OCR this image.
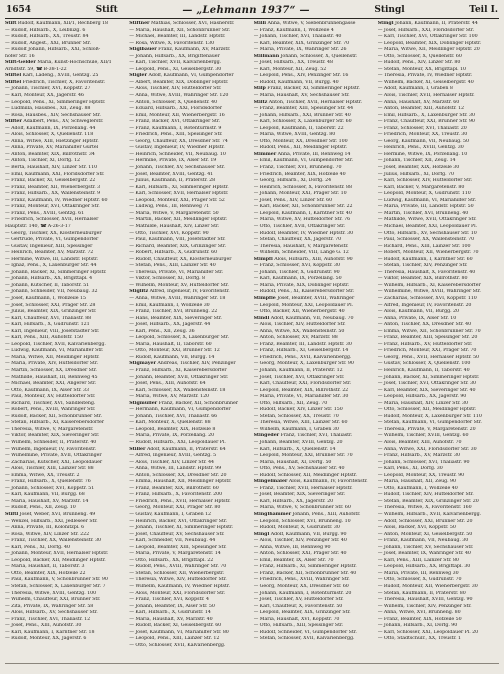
1654	Stift	— „Lehmann 1937“ —	Stingl	Teil I.
Stift Rudolf, Kaufmann, XII/1, Rechberg 18
— Rudolf, Hilfsarb., X, Leibnizg. 6
— Rudolf, Hilfsarb., XX, Treustr. 84
— Rudolf, Angest., XXI, Brünner Str.
— Rudolf Johann, Hilfsarb., XXI, Schloß-
hofer Str. 16
Stift-Gelder Maria, Kunst-Hochschule, XII/1
Arndtstr. 59, ☎ B-38-1-22
Stiftel Karl, Ladeng., XVIII, Gentzg. 25
Stiftel Friedrich, Tischler, X, Favoritenstr.
— Johann, Tischler, XVI, Koppstr. 27
— Karl, Monteur, XX, Jägerstr. 46
— Leopold, Pens., XI, Simmeringer Hptstr.
— Ludmilla, Hausbes., XII, Zeug. 88
— Rosa, Hausbes., XIV, Sechshauser Str.
Stifter Adalbert, Pens., XV, Schweglerstr.
— Adolf, Kaufmann, IX, Porzellang. 44
— Alois, Schlosser, X, Quellenstr. 118
— Anna, Witwe, XIII, Hietzinger Hptstr.
— Anna, Private, XV, Mariahilfer Gürtel
— Anton, Beamter, XIX, Billrothstr. 34
— Anton, Tischler, XI, Dorfg. 12
— Berta, Haushalt, XIV, Linzer Str. 110
— Emil, Kaufmann, XXI, Floridsdorfer Str.
— Franz, Bäcker, XI, Geiselbergstr. 22
— Franz, Beamter, XII, Wienerbergstr. 3
— Franz, Hilfsarb., XX, Wallensteinstr. 9
— Franz, Kaufmann, IV, Wiedner Hptstr. 60
— Franz, Monteur, XVI, Ottakringer Str.
— Franz, Pens., XVIII, Gentzg. 61
— Friedrich, Schlosser, XVII, Hernalser
Hauptstr. 140, ☎ A-26-3-17
— Georg, Tischler, XX, Klosterneuburger
— Gertrude, Private, VI, Gumpendorfer
— Gustav, Ingenieur, XIII, Speisinger
— Heinrich, Beamter, XV, Märzstr. 72
— Hermine, Witwe, III, Landstr. Hptstr.
— Ignaz, Pens., X, Laxenburger Str. 44
— Johann, Bäcker, XI, Simmeringer Hptstr.
— Johann, Hilfsarb., XX, Brigittapl. 4
— Johann, Kutscher, II, Taborstr. 51
— Johann, Schneider, VII, Neubaug. 32
— Josef, Kaufmann, I, Wollzeile 15
— Josef, Schlosser, XXI, Prager Str. 28
— Julius, Beamter, XIX, Grinzinger Str.
— Karl, Chauffeur, XVI, Thaliastr. 88
— Karl, Hilfsarb., X, Gudrunstr. 121
— Karl, Ingenieur, VIII, Josefstädter Str.
— Karl, Pens., XIII, Auhofstr. 150
— Leopold, Tischler, XVII, Kalvarienbergg.
— Ludwig, Kaufmann, VI, Mariahilfer Str.
— Maria, Witwe, XII, Meidlinger Hptstr.
— Maria, Private, XIV, Hütteldorfer Str.
— Martin, Schlosser, XX, Dresdner Str.
— Mathilde, Haushalt, III, Rennweg 45
— Michael, Beamter, XXI, Angerer Str.
— Otto, Kaufmann, IX, Alser Str. 33
— Paul, Monteur, XV, Hütteldorfer Str.
— Richard, Tischler, XVI, Sandleiteng.
— Robert, Pens., XVIII, Währinger Str.
— Rudolf, Bäcker, XII, Schönbrunner Str.
— Stefan, Hilfsarb., XI, Kaiserebersdorfer
— Theresia, Witwe, V, Margaretenstr.
— Viktor, Beamter, XIX, Sieveringer Str.
— Wilhelm, Schneider, II, Praterstr. 40
— Wilhelm, Ingenieur, IV, Favoritenstr.
— Wilhelmine, Private, XVII, Ottakringer
— Zacharias, Kutscher, XXI, Leopoldauer
— Alois, Tischler, XIII, Lainzer Str. 88
— Emma, Witwe, XX, Treustr. 2
— Franz, Hilfsarb., X, Quellenstr. 76
— Johann, Schlosser, XVI, Koppstr. 51
— Karl, Kaufmann, VII, Burgg. 68
— Maria, Haushalt, XV, Märzstr. 14
— Rudolf, Pens., XII, Zeug. 10
Stiftl Josef, Weber, XVI, Brunneng. 49
— Wenzel, Hilfsarb., XXI, Jedleseer Str.
— Anna, Private, III, Kolonitzpl. 6
— Rosa, Witwe, XIV, Linzer Str. 222
— Franz, Tischler, XX, Wallensteinstr. 30
— Karl, Pens., XI, Dorfg. 40
— Johann, Monteur, XVII, Hernalser Hptstr.
— Leopold, Bäcker, XII, Meidlinger Hptstr.
— Maria, Haushalt, II, Taborstr. 3
— Otto, Beamter, XIX, Hofzeile 22
— Paul, Kaufmann, V, Schönbrunner Str. 90
— Stefan, Schlosser, X, Laxenburger Str. 7
— Theresia, Witwe, XVIII, Gentzg. 100
— Wilhelm, Chauffeur, XXI, Brünner Str.
— Zita, Private, IX, Währinger Str. 58
— Alois, Hilfsarb., XV, Sechshauser Str.
— Franz, Tischler, XVI, Thaliastr. 12
— Josef, Pens., XIII, Auhofstr. 30
— Karl, Kaufmann, I, Kärntner Str. 18
— Rudolf, Monteur, XX, Jägerstr. 6
Stiftner Mathias, Schlosser, XVI, Hasnerstr.
— Maria, Haushalt, XII, Schönbrunner Str.
— Michael, Beamter, III, Landstr. Hptstr.
— Rosa, Witwe, X, Favoritenstr. 130
Stiglbauer Franz, Kaufmann, XV, Märzstr.
— Johann, Hilfsarb., XX, Brigittenauer
— Karl, Tischler, XVII, Kalvarienbergg.
— Leopold, Pens., XI, Geiselbergstr. 30
Stigler Adolf, Kaufmann, VI, Gumpendorfer
— Albert, Beamter, XIX, Döblinger Hptstr.
— Alois, Tischler, XIV, Hütteldorfer Str.
— Anna, Witwe, XVIII, Währinger Str. 120
— Anton, Schlosser, X, Quellenstr. 40
— Eduard, Hilfsarb., XXI, Floridsdorfer
— Emil, Monteur, XII, Wienerbergstr. 16
— Franz, Bäcker, XVI, Ottakringer Str.
— Franz, Kaufmann, I, Rotenturmstr. 9
— Friedrich, Pens., XIII, Speisinger Str.
— Georg, Chauffeur, XX, Dresdner Str. 74
— Gustav, Ingenieur, IV, Wiedner Hptstr.
— Heinrich, Schneider, VII, Neubaug. 10
— Hermine, Private, IX, Alser Str. 19
— Johann, Tischler, XV, Sechshauser Str.
— Josef, Beamter, XVIII, Gentzg. 41
— Julius, Kaufmann, II, Praterstr. 28
— Karl, Hilfsarb., XI, Simmeringer Hptstr.
— Karl, Schlosser, XVII, Hernalser Hptstr.
— Leopold, Monteur, XXI, Prager Str. 52
— Ludwig, Pens., III, Rennweg 71
— Maria, Witwe, V, Margaretenstr. 50
— Martin, Bäcker, XII, Meidlinger Hptstr.
— Mathilde, Haushalt, XIV, Linzer Str.
— Otto, Tischler, XVI, Koppstr. 90
— Paul, Kaufmann, VIII, Josefstädter Str.
— Richard, Beamter, XIX, Grinzinger Str.
— Robert, Hilfsarb., X, Gudrunstr. 60
— Rudolf, Chauffeur, XX, Klosterneuburger
— Stefan, Pens., XIII, Lainzer Str. 40
— Theresia, Private, VI, Mariahilfer Str.
— Viktor, Schlosser, XI, Dorfg. 8
— Wilhelm, Monteur, XV, Hütteldorfer Str.
Stiglitz Alfred, Ingenieur, IV, Favoritenstr.
— Anna, Witwe, XVIII, Währinger Str. 18
— Emil, Kaufmann, I, Wollzeile 30
— Franz, Tischler, XVI, Brunneng. 22
— Hans, Beamter, XIX, Sieveringer Str.
— Josef, Hilfsarb., XX, Jägerstr. 44
— Karl, Pens., XII, Zeug. 36
— Leopold, Schlosser, X, Laxenburger Str.
— Maria, Haushalt, II, Taborstr. 60
— Otto, Monteur, XXI, Brünner Str. 12
— Rudolf, Kaufmann, VII, Burgg. 14
Stigmayer Andreas, Tischler, XIV, Penzinger
— Franz, Hilfsarb., XI, Kaiserebersdorfer
— Johann, Beamter, XVII, Ottakringer Str.
— Josef, Pens., XIII, Auhofstr. 64
— Karl, Schlosser, XX, Wallensteinstr. 18
— Maria, Witwe, XV, Märzstr. 120
Stigmüller Franz, Bäcker, XII, Schönbrunner
— Hermann, Kaufmann, VI, Gumpendorfer
— Johann, Tischler, XVI, Thaliastr. 66
— Karl, Monteur, X, Quellenstr. 88
— Leopold, Beamter, XIX, Hofzeile 8
— Maria, Private, IX, Porzellang. 20
— Rudolf, Hilfsarb., XXI, Leopoldauer Pl.
Stiller Adolf, Kaufmann, II, Praterstr. 64
— Alfred, Ingenieur, XVIII, Gentzg. 5
— Alois, Tischler, XIV, Linzer Str. 44
— Anna, Witwe, III, Landstr. Hptstr. 99
— Anton, Schlosser, XX, Dresdner Str. 20
— Emma, Haushalt, XII, Meidlinger Hptstr.
— Franz, Beamter, XIX, Billrothstr. 60
— Franz, Hilfsarb., X, Favoritenstr. 200
— Friedrich, Pens., XVII, Hernalser Hptstr.
— Georg, Monteur, XXI, Prager Str. 80
— Gustav, Kaufmann, I, Graben 12
— Heinrich, Bäcker, XVI, Ottakringer Str.
— Johann, Tischler, XI, Simmeringer Hptstr.
— Josef, Chauffeur, XV, Sechshauser Str.
— Karl, Schneider, VII, Neubaug. 44
— Leopold, Beamter, XIII, Speisinger Str.
— Maria, Private, V, Margaretenstr. 14
— Otto, Hilfsarb., XX, Brigittapl. 22
— Rudolf, Pens., XVIII, Währinger Str. 70
— Stefan, Schlosser, XII, Wienerbergstr.
— Theresia, Witwe, XIV, Hütteldorfer Str.
— Wilhelm, Kaufmann, IV, Wiedner Hptstr.
— Alois, Monteur, XXI, Floridsdorfer Str.
— Franz, Tischler, XVI, Koppstr. 4
— Johann, Beamter, IX, Alser Str. 50
— Karl, Hilfsarb., X, Gudrunstr. 14
— Maria, Haushalt, XV, Märzstr. 40
— Rudolf, Bäcker, XI, Geiselbergstr. 60
— Josef, Kaufmann, VI, Mariahilfer Str. 80
— Leopold, Pens., XIII, Lainzer Str. 12
— Otto, Schlosser, XVII, Kalvarienbergg.
Stilli Anna, Witwe, V, Siebenbrunnengasse
— Franz, Kaufmann, I, Wollzeile 4
— Johann, Tischler, XVI, Thaliastr. 40
— Karl, Beamter, XIX, Grinzinger Str. 70
— Maria, Private, IX, Währinger Str. 26
Stillmann Johann, Schlosser, X, Quellenstr.
— Josef, Hilfsarb., XX, Treustr. 48
— Karl, Monteur, XII, Zeug. 52
— Leopold, Pens., XIV, Penzinger Str. 16
— Rudolf, Kaufmann, VII, Burgg. 40
Stilp Franz, Bäcker, XI, Simmeringer Hptstr.
— Maria, Haushalt, XV, Sechshauser Str.
Stiltz Anton, Tischler, XVII, Hernalser Hptstr.
— Franz, Beamter, XIII, Speisinger Str. 44
— Johann, Hilfsarb., XXI, Brünner Str. 40
— Karl, Schlosser, X, Laxenburger Str. 60
— Leopold, Kaufmann, II, Taborstr. 22
— Maria, Witwe, XVIII, Gentzg. 80
— Otto, Monteur, XX, Dresdner Str. 100
— Rudolf, Pens., XII, Meidlinger Hptstr.
Stimmer Anna, Private, III, Rennweg 14
— Emil, Kaufmann, VI, Gumpendorfer Str.
— Franz, Tischler, XVI, Brunneng. 70
— Friedrich, Beamter, XIX, Hofzeile 40
— Georg, Hilfsarb., XI, Dorfg. 24
— Heinrich, Schlosser, X, Favoritenstr. 88
— Johann, Monteur, XXI, Prager Str. 10
— Josef, Pens., XIV, Linzer Str. 60
— Karl, Bäcker, XII, Schönbrunner Str. 22
— Leopold, Kaufmann, I, Kärntner Str. 40
— Maria, Witwe, XV, Hütteldorfer Str. 76
— Otto, Tischler, XVII, Ottakringer Str.
— Rudolf, Beamter, IV, Wiedner Hptstr. 30
— Stefan, Chauffeur, XX, Jägerstr. 70
— Theresia, Haushalt, V, Margaretenstr.
— Wilhelm, Schneider, VIII, Lange G. 12
Stimpfl Alois, Hilfsarb., XIII, Auhofstr. 90
— Franz, Schlosser, XVI, Koppstr. 30
— Johann, Tischler, X, Gudrunstr. 90
— Karl, Kaufmann, IX, Porzellang. 50
— Maria, Private, XIX, Döblinger Hptstr.
— Rudolf, Pens., XI, Kaiserebersdorfer Str.
Stimpfle Josef, Beamter, XVIII, Währinger
— Leopold, Monteur, XXI, Leopoldauer Pl.
— Otto, Bäcker, XII, Wienerbergstr. 40
Stindl Adolf, Kaufmann, VII, Neubaug. 70
— Alois, Tischler, XIV, Hütteldorfer Str.
— Anna, Witwe, XX, Wallensteinstr. 50
— Anton, Schlosser, XV, Märzstr. 88
— Franz, Beamter, III, Landstr. Hptstr. 30
— Franz, Hilfsarb., XI, Geiselbergstr. 14
— Friedrich, Pens., XVII, Kalvarienbergg.
— Georg, Monteur, X, Laxenburger Str. 90
— Johann, Kaufmann, II, Praterstr. 12
— Josef, Tischler, XVI, Ottakringer Str.
— Karl, Chauffeur, XXI, Floridsdorfer Str.
— Leopold, Beamter, XIX, Billrothstr. 22
— Maria, Private, VI, Mariahilfer Str. 30
— Otto, Hilfsarb., XII, Zeug. 70
— Rudolf, Bäcker, XIV, Linzer Str. 150
— Stefan, Schlosser, XX, Treustr. 70
— Theresia, Witwe, XIII, Lainzer Str. 60
— Wilhelm, Kaufmann, I, Graben 30
Stingeder Franz, Tischler, XVI, Thaliastr.
— Johann, Beamter, XVIII, Gentzg. 20
— Karl, Hilfsarb., X, Quellenstr. 14
— Leopold, Monteur, XXI, Brünner Str. 70
— Maria, Haushalt, XI, Dorfg. 50
— Otto, Pens., XV, Sechshauser Str. 40
— Rudolf, Schlosser, XII, Meidlinger Hptstr.
Stingelmaier Alois, Kaufmann, IV, Favoritenstr.
— Franz, Tischler, XVII, Hernalser Hptstr.
— Josef, Beamter, XIX, Sieveringer Str.
— Karl, Hilfsarb., XX, Jägerstr. 20
— Maria, Witwe, V, Schönbrunner Str. 60
Stinglhammer Johann, Pens., XIII, Auhofstr.
— Leopold, Schlosser, XVI, Brunneng. 10
— Rudolf, Monteur, X, Gudrunstr. 30
Stingl Adolf, Kaufmann, VII, Burgg. 90
— Alois, Tischler, XIV, Penzinger Str. 40
— Anna, Witwe, III, Rennweg 90
— Anton, Schlosser, XXI, Prager Str. 40
— Emil, Beamter, IX, Alser Str. 70
— Franz, Hilfsarb., XI, Simmeringer Hptstr.
— Franz, Bäcker, XII, Schönbrunner Str. 40
— Friedrich, Pens., XVIII, Währinger Str.
— Georg, Monteur, XX, Dresdner Str. 60
— Johann, Kaufmann, I, Rotenturmstr. 20
— Josef, Tischler, XV, Hütteldorfer Str.
— Karl, Chauffeur, X, Favoritenstr. 50
— Leopold, Beamter, XIX, Grinzinger Str.
— Maria, Haushalt, XVI, Koppstr. 70
— Otto, Hilfsarb., XIII, Speisinger Str.
— Rudolf, Schneider, VI, Gumpendorfer Str.
— Stefan, Schlosser, XVII, Kalvarienbergg.
Stingl Johann, Kaufmann, II, Praterstr. 44
— Josef, Hilfsarb., XXI, Floridsdorfer Str.
— Karl, Tischler, XVI, Ottakringer Str. 100
— Leopold, Beamter, XIX, Döblinger Hptstr.
— Maria, Witwe, XII, Meidlinger Hptstr. 20
— Otto, Schlosser, X, Quellenstr. 60
— Rudolf, Pens., XIV, Linzer Str. 80
— Stefan, Monteur, XX, Brigittapl. 10
— Theresia, Private, IV, Wiedner Hptstr.
— Wilhelm, Bäcker, XI, Geiselbergstr. 40
— Adolf, Kaufmann, I, Graben 8
— Alois, Tischler, XVII, Hernalser Hptstr.
— Anna, Haushalt, XV, Märzstr. 60
— Anton, Beamter, XIII, Auhofstr. 12
— Emil, Hilfsarb., X, Laxenburger Str. 30
— Franz, Chauffeur, XXI, Brünner Str. 90
— Franz, Schlosser, XVI, Thaliastr. 20
— Friedrich, Monteur, XX, Treustr. 30
— Georg, Kaufmann, VII, Neubaug. 50
— Heinrich, Pens., XVIII, Gentzg. 30
— Hermine, Witwe, IX, Porzellang. 10
— Johann, Tischler, XII, Zeug. 14
— Josef, Beamter, XIX, Hofzeile 30
— Julius, Hilfsarb., XI, Dorfg. 70
— Karl, Schlosser, XIV, Hütteldorfer Str.
— Karl, Bäcker, V, Margaretenstr. 80
— Leopold, Monteur, X, Gudrunstr. 110
— Ludwig, Kaufmann, VI, Mariahilfer Str.
— Maria, Private, III, Landstr. Hptstr. 50
— Martin, Tischler, XVI, Brunneng. 40
— Mathilde, Witwe, XVII, Ottakringer Str.
— Michael, Beamter, XXI, Leopoldauer Pl.
— Otto, Hilfsarb., XV, Sechshauser Str. 10
— Paul, Schlosser, XX, Wallensteinstr. 70
— Richard, Pens., XIII, Lainzer Str. 100
— Robert, Monteur, XII, Wienerbergstr. 70
— Rudolf, Kaufmann, I, Kärntner Str. 60
— Stefan, Tischler, XIV, Penzinger Str.
— Theresia, Haushalt, X, Favoritenstr. 40
— Viktor, Beamter, XIX, Billrothstr. 80
— Wilhelm, Hilfsarb., XI, Kaiserebersdorfer
— Wilhelmine, Witwe, XVIII, Währinger Str.
— Zacharias, Schlosser, XVI, Koppstr. 110
— Alfred, Ingenieur, IV, Favoritenstr. 20
— Alois, Kaufmann, VII, Burgg. 20
— Anna, Private, IX, Alser Str. 10
— Anton, Tischler, XX, Dresdner Str. 40
— Emma, Witwe, XII, Schönbrunner Str. 70
— Franz, Beamter, XIII, Speisinger Str. 20
— Franz, Hilfsarb., XV, Hütteldorfer Str.
— Friedrich, Monteur, XXI, Prager Str. 70
— Georg, Pens., XVII, Hernalser Hptstr. 50
— Gustav, Schlosser, X, Quellenstr. 100
— Heinrich, Kaufmann, II, Taborstr. 40
— Johann, Bäcker, XI, Simmeringer Hptstr.
— Josef, Tischler, XVI, Ottakringer Str. 30
— Karl, Beamter, XIX, Sieveringer Str. 40
— Leopold, Hilfsarb., XX, Jägerstr. 90
— Maria, Haushalt, XIV, Linzer Str. 30
— Otto, Schlosser, XII, Meidlinger Hptstr.
— Rudolf, Monteur, X, Laxenburger Str. 110
— Stefan, Kaufmann, VI, Gumpendorfer Str.
— Theresia, Private, V, Margaretenstr. 20
— Wilhelm, Tischler, XVIII, Gentzg. 60
— Alois, Beamter, XIII, Auhofstr. 70
— Anna, Witwe, XXI, Floridsdorfer Str. 30
— Franz, Hilfsarb., XV, Märzstr. 30
— Johann, Schlosser, XVI, Thaliastr. 90
— Karl, Pens., XI, Dorfg. 30
— Leopold, Monteur, XX, Treustr. 90
— Maria, Haushalt, XII, Zeug. 90
— Otto, Kaufmann, I, Wollzeile 40
— Rudolf, Tischler, XIV, Hütteldorfer Str.
— Stefan, Beamter, XIX, Grinzinger Str. 20
— Theresia, Witwe, X, Favoritenstr. 160
— Wilhelm, Hilfsarb., XVII, Kalvarienbergg.
— Adolf, Schlosser, XXI, Brünner Str. 20
— Alois, Bäcker, XVI, Koppstr. 50
— Anton, Monteur, XI, Geiselbergstr. 50
— Franz, Kaufmann, VII, Neubaug. 30
— Johann, Tischler, XV, Sechshauser Str.
— Josef, Beamter, IX, Währinger Str. 40
— Karl, Pens., XIII, Lainzer Str. 80
— Leopold, Hilfsarb., XX, Brigittapl. 30
— Maria, Private, III, Rennweg 30
— Otto, Schlosser, X, Gudrunstr. 70
— Rudolf, Monteur, XII, Wienerbergstr. 30
— Stefan, Kaufmann, II, Praterstr. 80
— Theresia, Haushalt, XVIII, Gentzg. 90
— Wilhelm, Tischler, XIV, Penzinger Str.
— Anna, Witwe, XVI, Brunneng. 80
— Franz, Beamter, XIX, Hofzeile 50
— Johann, Hilfsarb., XI, Dorfg. 90
— Karl, Schlosser, XXI, Leopoldauer Pl. 20
— Otto, Stadtschulr., XX, Treustr. 1
